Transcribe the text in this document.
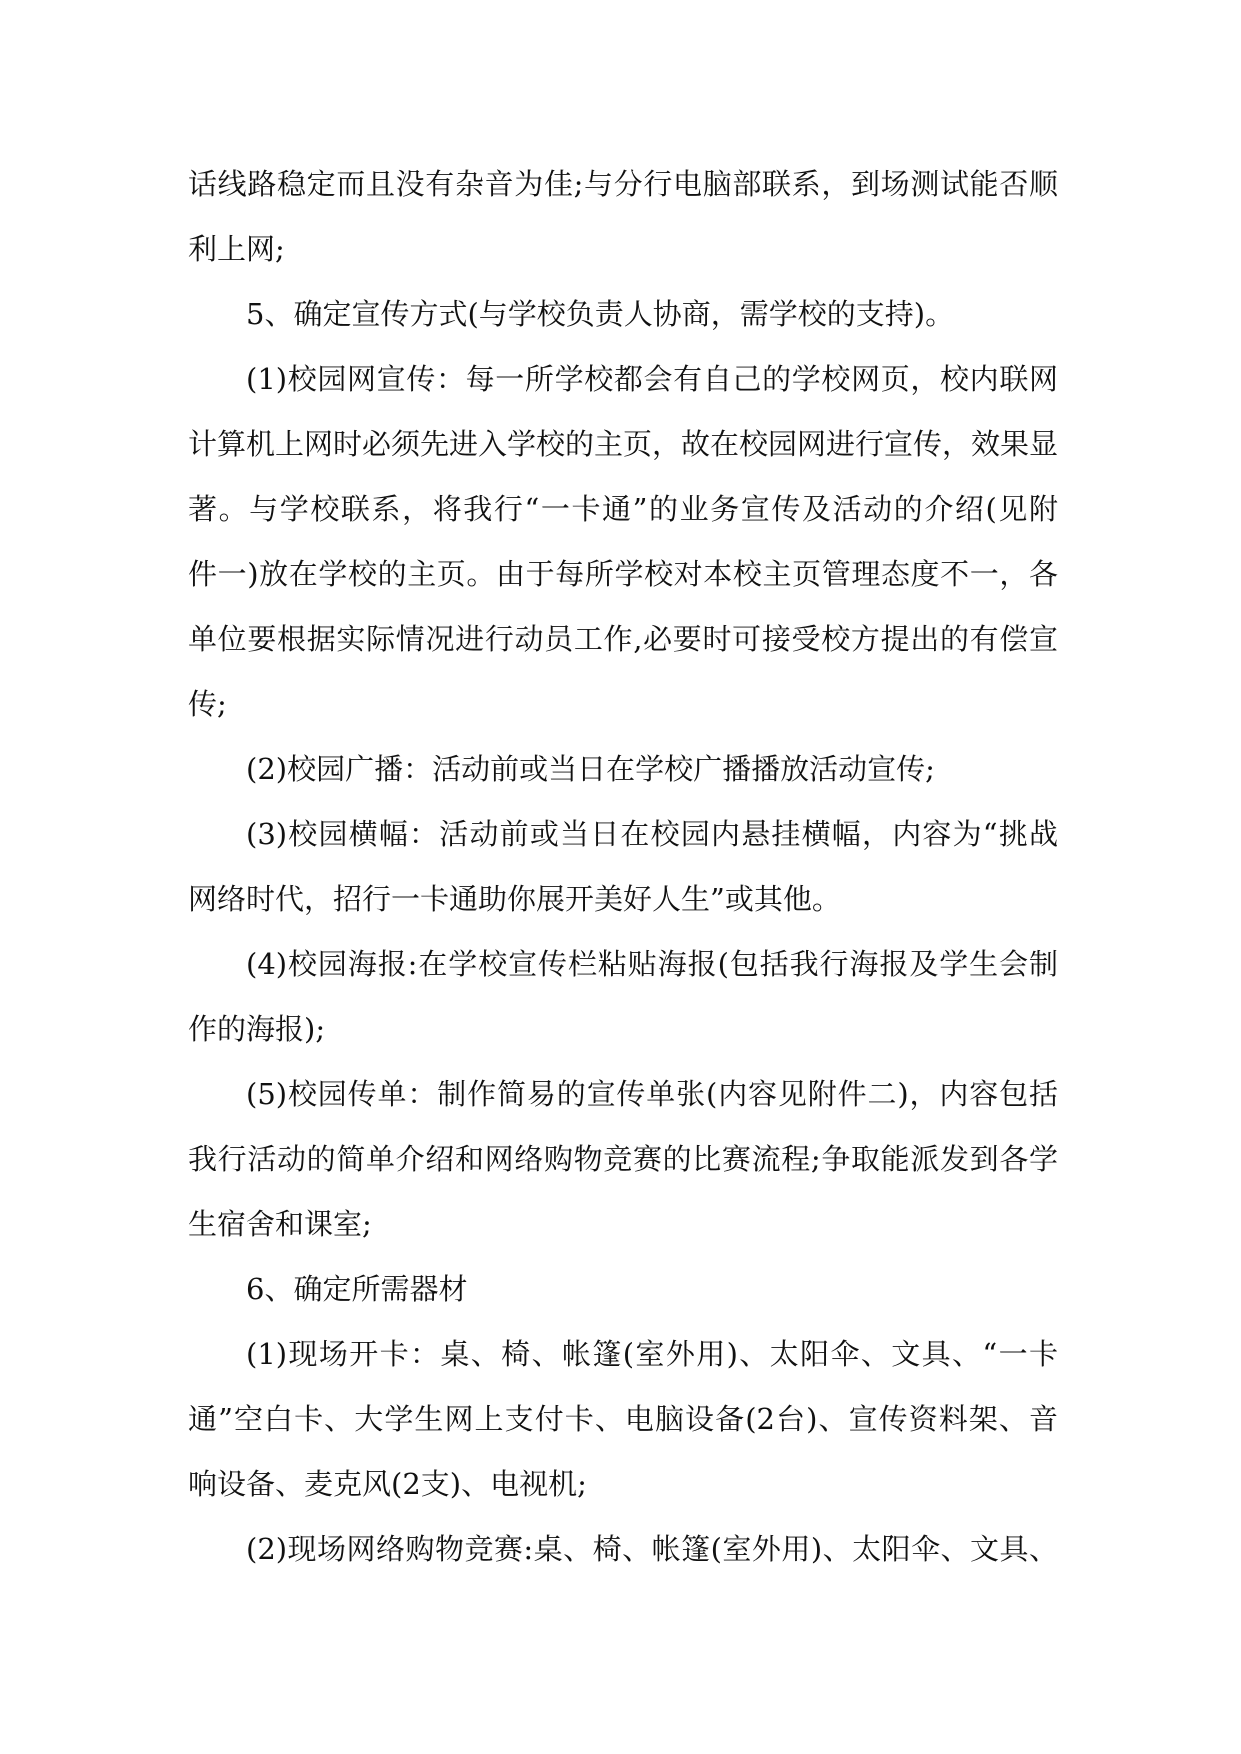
话线路稳定而且没有杂音为佳;与分行电脑部联系，到场测试能否顺
利上网;
5、确定宣传方式(与学校负责人协商，需学校的支持)。
(1)校园网宣传：每一所学校都会有自己的学校网页，校内联网
计算机上网时必须先进入学校的主页，故在校园网进行宣传，效果显
著。与学校联系，将我行“一卡通”的业务宣传及活动的介绍(见附
件一)放在学校的主页。由于每所学校对本校主页管理态度不一，各
单位要根据实际情况进行动员工作,必要时可接受校方提出的有偿宣
传;
(2)校园广播：活动前或当日在学校广播播放活动宣传;
(3)校园横幅：活动前或当日在校园内悬挂横幅，内容为“挑战
网络时代，招行一卡通助你展开美好人生”或其他。
(4)校园海报:在学校宣传栏粘贴海报(包括我行海报及学生会制
作的海报);
(5)校园传单：制作简易的宣传单张(内容见附件二)，内容包括
我行活动的简单介绍和网络购物竞赛的比赛流程;争取能派发到各学
生宿舍和课室;
6、确定所需器材
(1)现场开卡：桌、椅、帐篷(室外用)、太阳伞、文具、“一卡
通”空白卡、大学生网上支付卡、电脑设备(2台)、宣传资料架、音
响设备、麦克风(2支)、电视机;
(2)现场网络购物竞赛:桌、椅、帐篷(室外用)、太阳伞、文具、
